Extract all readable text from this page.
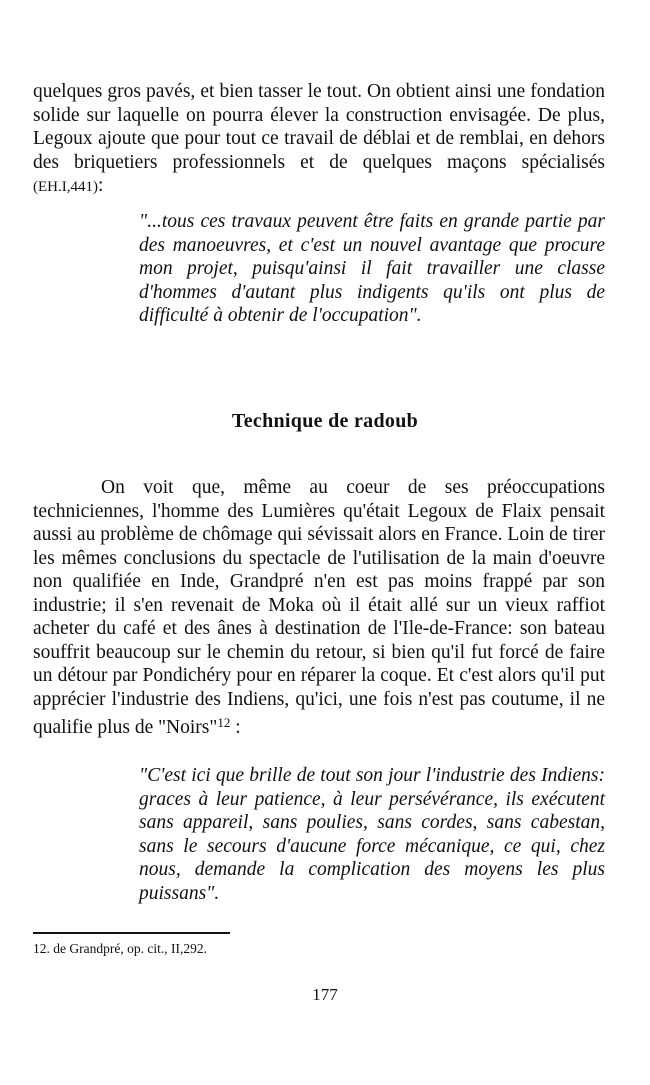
quelques gros pavés, et bien tasser le tout. On obtient ainsi une fondation solide sur laquelle on pourra élever la construction envisagée. De plus, Legoux ajoute que pour tout ce travail de déblai et de remblai, en dehors des briquetiers professionnels et de quelques maçons spécialisés (EH.I,441):

"...tous ces travaux peuvent être faits en grande partie par des manoeuvres, et c'est un nouvel avantage que procure mon projet, puisqu'ainsi il fait travailler une classe d'hommes d'autant plus indigents qu'ils ont plus de difficulté à obtenir de l'occupation".

Technique de radoub

On voit que, même au coeur de ses préoccupations techniciennes, l'homme des Lumières qu'était Legoux de Flaix pensait aussi au problème de chômage qui sévissait alors en France. Loin de tirer les mêmes conclusions du spectacle de l'utilisation de la main d'oeuvre non qualifiée en Inde, Grandpré n'en est pas moins frappé par son industrie; il s'en revenait de Moka où il était allé sur un vieux raffiot acheter du café et des ânes à destination de l'Ile-de-France: son bateau souffrit beaucoup sur le chemin du retour, si bien qu'il fut forcé de faire un détour par Pondichéry pour en réparer la coque. Et c'est alors qu'il put apprécier l'industrie des Indiens, qu'ici, une fois n'est pas coutume, il ne qualifie plus de "Noirs"$^{12}$ :

"C'est ici que brille de tout son jour l'industrie des Indiens: graces à leur patience, à leur persévérance, ils exécutent sans appareil, sans poulies, sans cordes, sans cabestan, sans le secours d'aucune force mécanique, ce qui, chez nous, demande la complication des moyens les plus puissans".

12. de Grandpré, op. cit., II,292.

177
